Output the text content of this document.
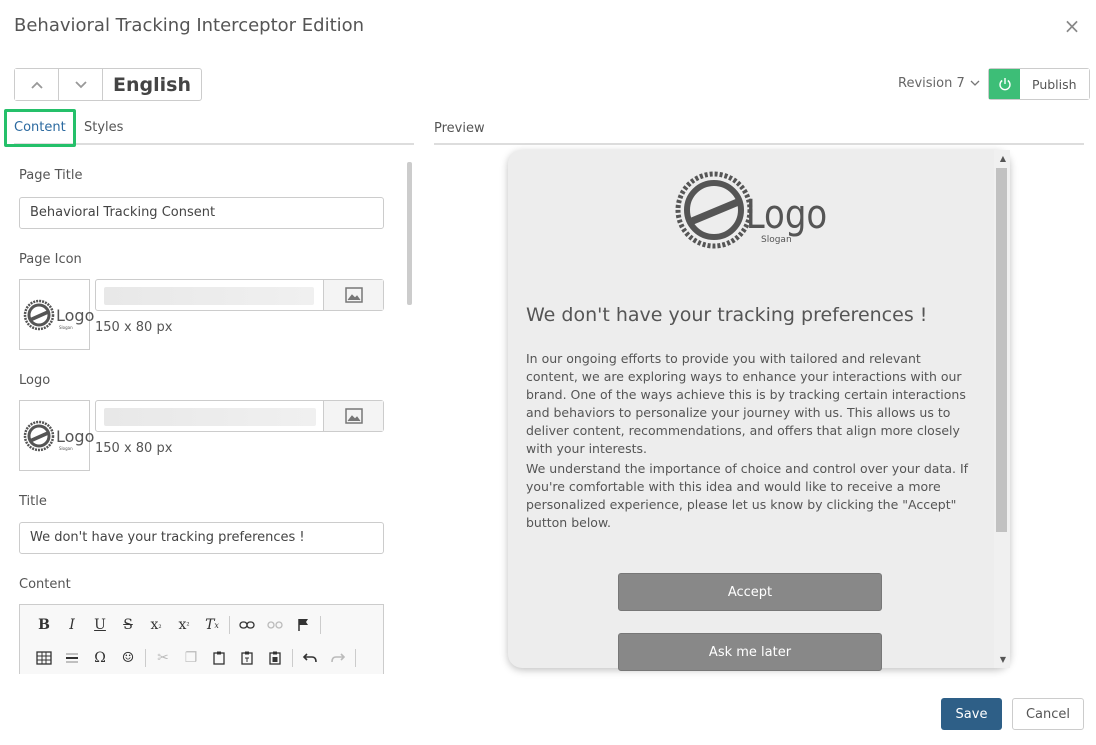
Behavioral Tracking Interceptor Edition	×
English	Revision 7	Publish
Content Styles	Preview
Page Title
Behavioral Tracking Consent
Page Icon
Logo
Slogan 150 x 80 px
Logo
Logo
Slogan 150 x 80 px
Title
We don't have your tracking preferences !
Content
B	I	U	S	x ₂	x ²	T x
Ω	☺	✂	❐
Logo
Slogan
We don't have your tracking preferences !
In our ongoing efforts to provide you with tailored and relevant content, we are exploring ways to enhance your interactions with our brand. One of the ways achieve this is by tracking certain interactions and behaviors to personalize your journey with us. This allows us to deliver content, recommendations, and offers that align more closely with your interests.
We understand the importance of choice and control over your data. If you're comfortable with this idea and would like to receive a more personalized experience, please let us know by clicking the "Accept" button below.
Accept
Ask me later
▲
▼
Save	Cancel
